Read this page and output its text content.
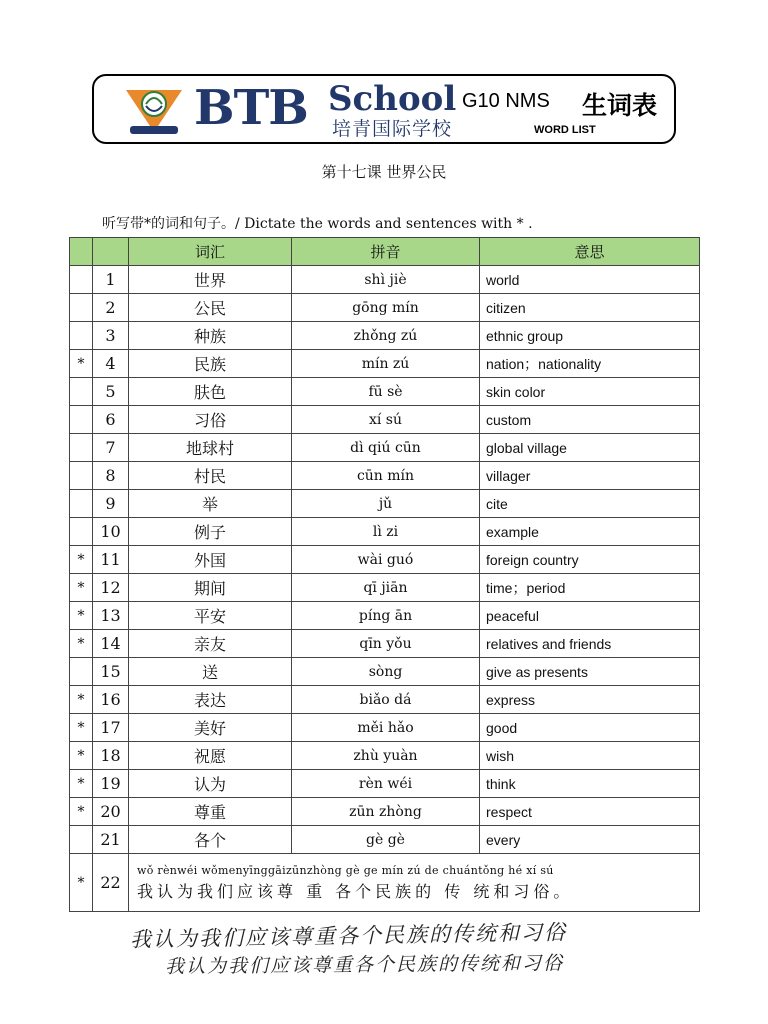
BTB School
培青国际学校
G10 NMS 生词表
WORD LIST
第十七课 世界公民
听写带*的词和句子。/ Dictate the words and sentences with * .
		词汇	拼音	意思
	1	世界	shì jiè	world
	2	公民	gōng mín	citizen
	3	种族	zhǒng zú	ethnic group
*	4	民族	mín zú	nation；nationality
	5	肤色	fū sè	skin color
	6	习俗	xí sú	custom
	7	地球村	dì qiú cūn	global village
	8	村民	cūn mín	villager
	9	举	jǔ	cite
	10	例子	lì zi	example
*	11	外国	wài guó	foreign country
*	12	期间	qī jiān	time；period
*	13	平安	píng ān	peaceful
*	14	亲友	qīn yǒu	relatives and friends
	15	送	sòng	give as presents
*	16	表达	biǎo dá	express
*	17	美好	měi hǎo	good
*	18	祝愿	zhù yuàn	wish
*	19	认为	rèn wéi	think
*	20	尊重	zūn zhòng	respect
	21	各个	gè gè	every
*	22	wǒ rènwéi wǒmenyīnggāizūnzhòng gè ge mín zú de chuántǒng hé xí sú
我认为我们应该尊 重 各个民族的 传 统和习俗。		
我认为我们应该尊重各个民族的传统和习俗
我认为我们应该尊重各个民族的传统和习俗
